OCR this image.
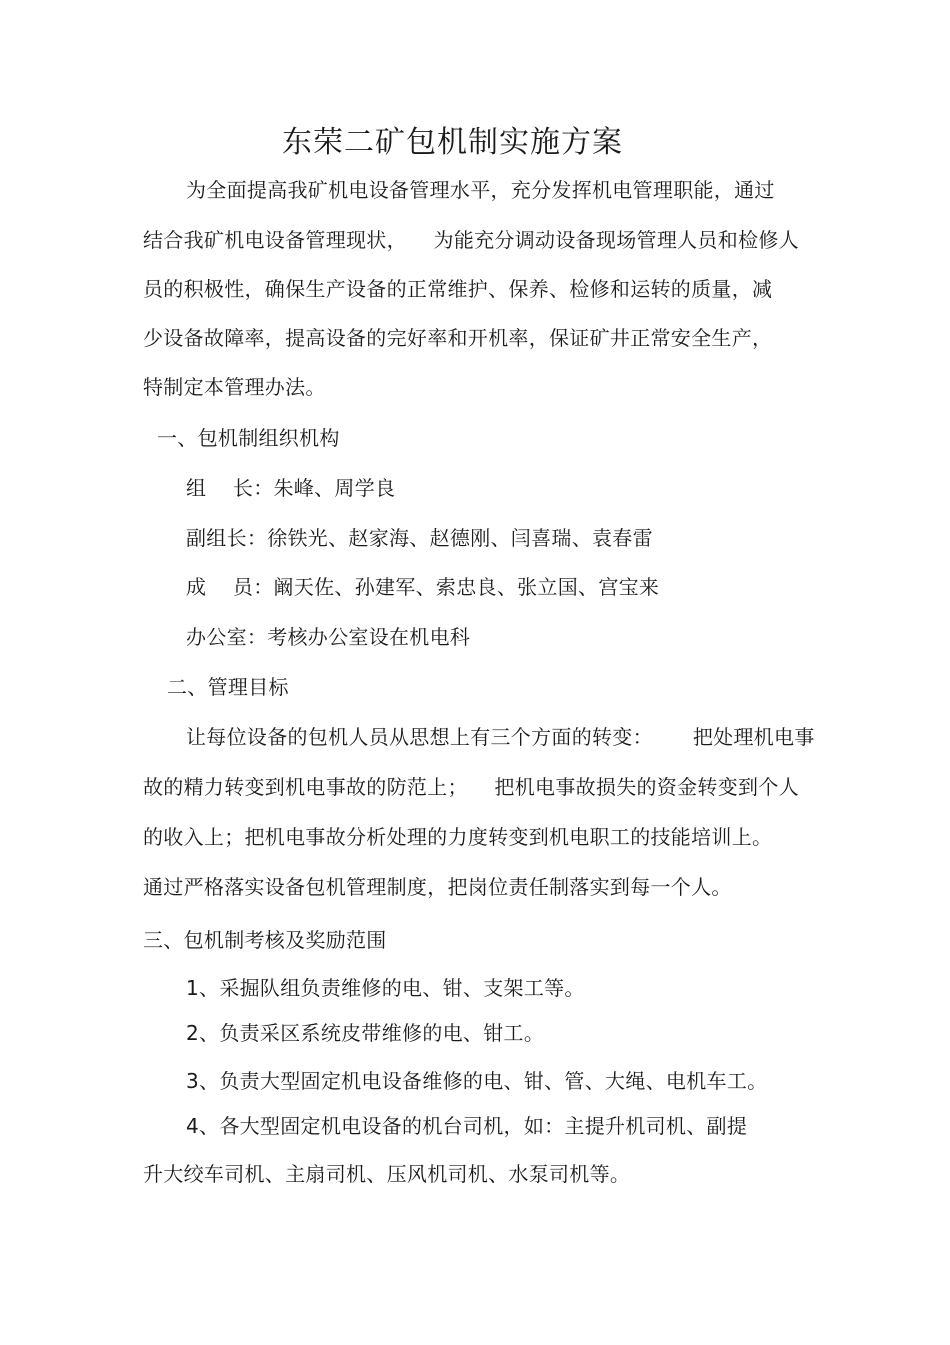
东荣二矿包机制实施方案
为全面提高我矿机电设备管理水平，充分发挥机电管理职能，通过
结合我矿机电设备管理现状，    为能充分调动设备现场管理人员和检修人
员的积极性，确保生产设备的正常维护、保养、检修和运转的质量，减
少设备故障率，提高设备的完好率和开机率，保证矿井正常安全生产，
特制定本管理办法。
一、包机制组织机构
组    长：朱峰、周学良
副组长：徐铁光、赵家海、赵德刚、闫喜瑞、袁春雷
成    员：阚天佐、孙建军、索忠良、张立国、宫宝来
办公室：考核办公室设在机电科
二、管理目标
让每位设备的包机人员从思想上有三个方面的转变：      把处理机电事
故的精力转变到机电事故的防范上；    把机电事故损失的资金转变到个人
的收入上；把机电事故分析处理的力度转变到机电职工的技能培训上。
通过严格落实设备包机管理制度，把岗位责任制落实到每一个人。
三、包机制考核及奖励范围
1、采掘队组负责维修的电、钳、支架工等。
2、负责采区系统皮带维修的电、钳工。
3、负责大型固定机电设备维修的电、钳、管、大绳、电机车工。
4、各大型固定机电设备的机台司机，如：主提升机司机、副提
升大绞车司机、主扇司机、压风机司机、水泵司机等。
